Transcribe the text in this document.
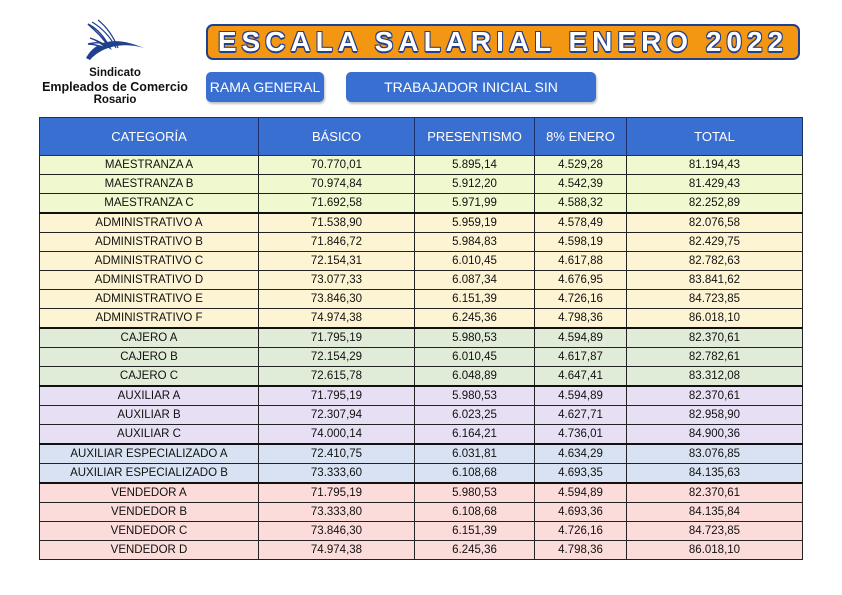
Sindicato
Empleados de Comercio
Rosario
ESCALA SALARIAL ENERO 2022
RAMA GENERAL	TRABAJADOR INICIAL SIN
CATEGORÍA	BÁSICO	PRESENTISMO	8% ENERO	TOTAL
MAESTRANZA A	70.770,01	5.895,14	4.529,28	81.194,43
MAESTRANZA B	70.974,84	5.912,20	4.542,39	81.429,43
MAESTRANZA C	71.692,58	5.971,99	4.588,32	82.252,89
ADMINISTRATIVO A	71.538,90	5.959,19	4.578,49	82.076,58
ADMINISTRATIVO B	71.846,72	5.984,83	4.598,19	82.429,75
ADMINISTRATIVO C	72.154,31	6.010,45	4.617,88	82.782,63
ADMINISTRATIVO D	73.077,33	6.087,34	4.676,95	83.841,62
ADMINISTRATIVO E	73.846,30	6.151,39	4.726,16	84.723,85
ADMINISTRATIVO F	74.974,38	6.245,36	4.798,36	86.018,10
CAJERO A	71.795,19	5.980,53	4.594,89	82.370,61
CAJERO B	72.154,29	6.010,45	4.617,87	82.782,61
CAJERO C	72.615,78	6.048,89	4.647,41	83.312,08
AUXILIAR A	71.795,19	5.980,53	4.594,89	82.370,61
AUXILIAR B	72.307,94	6.023,25	4.627,71	82.958,90
AUXILIAR C	74.000,14	6.164,21	4.736,01	84.900,36
AUXILIAR ESPECIALIZADO A	72.410,75	6.031,81	4.634,29	83.076,85
AUXILIAR ESPECIALIZADO B	73.333,60	6.108,68	4.693,35	84.135,63
VENDEDOR A	71.795,19	5.980,53	4.594,89	82.370,61
VENDEDOR B	73.333,80	6.108,68	4.693,36	84.135,84
VENDEDOR C	73.846,30	6.151,39	4.726,16	84.723,85
VENDEDOR D	74.974,38	6.245,36	4.798,36	86.018,10
